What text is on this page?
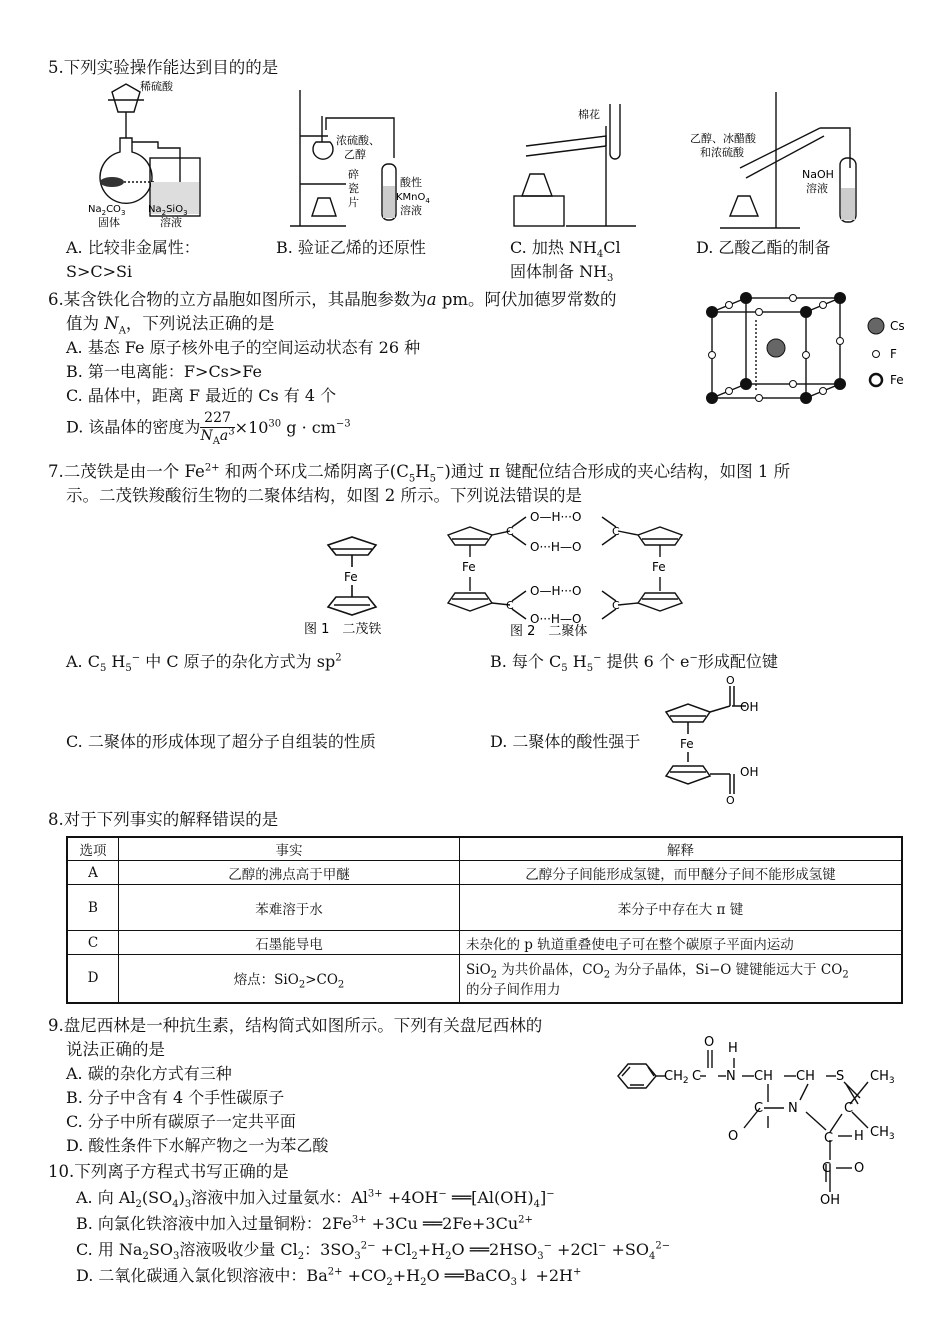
5.下列实验操作能达到目的的是
稀硫酸
$Na_2CO_3$
固体
$Na_2SiO_3$
溶液
浓硫酸、
乙醇
碎
瓷
片
酸性
KMnO$_4$
溶液
棉花
乙醇、冰醋酸
和浓硫酸
NaOH
溶液
A. 比较非金属性：
S>C>Si
B. 验证乙烯的还原性	C. 加热 $NH_4Cl$
固体制备 $NH_3$
D. 乙酸乙酯的制备
6.某含铁化合物的立方晶胞如图所示，其晶胞参数为a pm。阿伏加德罗常数的
值为 $N_A$，下列说法正确的是
A. 基态 Fe 原子核外电子的空间运动状态有 26 种
B. 第一电离能：F>Cs>Fe
C. 晶体中，距离 F 最近的 Cs 有 4 个
D. 该晶体的密度为 227
$N_Aa^3 \times 10^{30}$ $g \cdot cm^{-3}$
Cs
F
Fe
7.二茂铁是由一个 $Fe^{2+}$ 和两个环戊二烯阴离子$(C_5H_5^-)$通过 π 键配位结合形成的夹心结构，如图 1 所
示。二茂铁羧酸衍生物的二聚体结构，如图 2 所示。下列说法错误的是
Fe
图 1　二茂铁
C	C
C	C
O—H···O
O···H—O
O—H···O
O···H—O
Fe	Fe
图 2　二聚体
A. $C_5$ $H_5^-$ 中 C 原子的杂化方式为 $sp^2$	B. 每个 $C_5$ $H_5^-$ 提供 6 个 e−形成配位键
C. 二聚体的形成体现了超分子自组装的性质	D. 二聚体的酸性强于
O
OH
Fe
OH
O
8.对于下列事实的解释错误的是
选项	事实	解释
A	乙醇的沸点高于甲醚	乙醇分子间能形成氢键，而甲醚分子间不能形成氢键
B	苯难溶于水	苯分子中存在大 π 键
C	石墨能导电	未杂化的 p 轨道重叠使电子可在整个碳原子平面内运动
D	熔点：$SiO_2>CO_2$	SiO$_2$ 为共价晶体，$CO_2$ 为分子晶体，Si−O 键键能远大于 $CO_2$
的分子间作用力
9.盘尼西林是一种抗生素，结构简式如图所示。下列有关盘尼西林的
说法正确的是
A. 碳的杂化方式有三种
B. 分子中含有 4 个手性碳原子
C. 分子中所有碳原子一定共平面
D. 酸性条件下水解产物之一为苯乙酸
$CH_2$ C
O H
N CH CH S $CH_3$
C N	C
$CH_3$
O	C H
C O
OH
10.下列离子方程式书写正确的是
A. 向 $Al_2(SO_4)_3$溶液中加入过量氨水：$Al^{3+} +4OH^-$ $══[Al(OH)_4]^-$
B. 向氯化铁溶液中加入过量铜粉：$2Fe^{3+} +3Cu$ $══2Fe+3Cu^{2+}$
C. 用 $Na_2SO_3$溶液吸收少量 $Cl_2$：$3SO_3^{2-} +Cl_2+H_2O$ $══2HSO_3^- +2Cl^- +SO_4^{2-}$
D. 二氧化碳通入氯化钡溶液中：$Ba^{2+} +CO_2+H_2O$ ══BaCO$_3$↓ +2H+
